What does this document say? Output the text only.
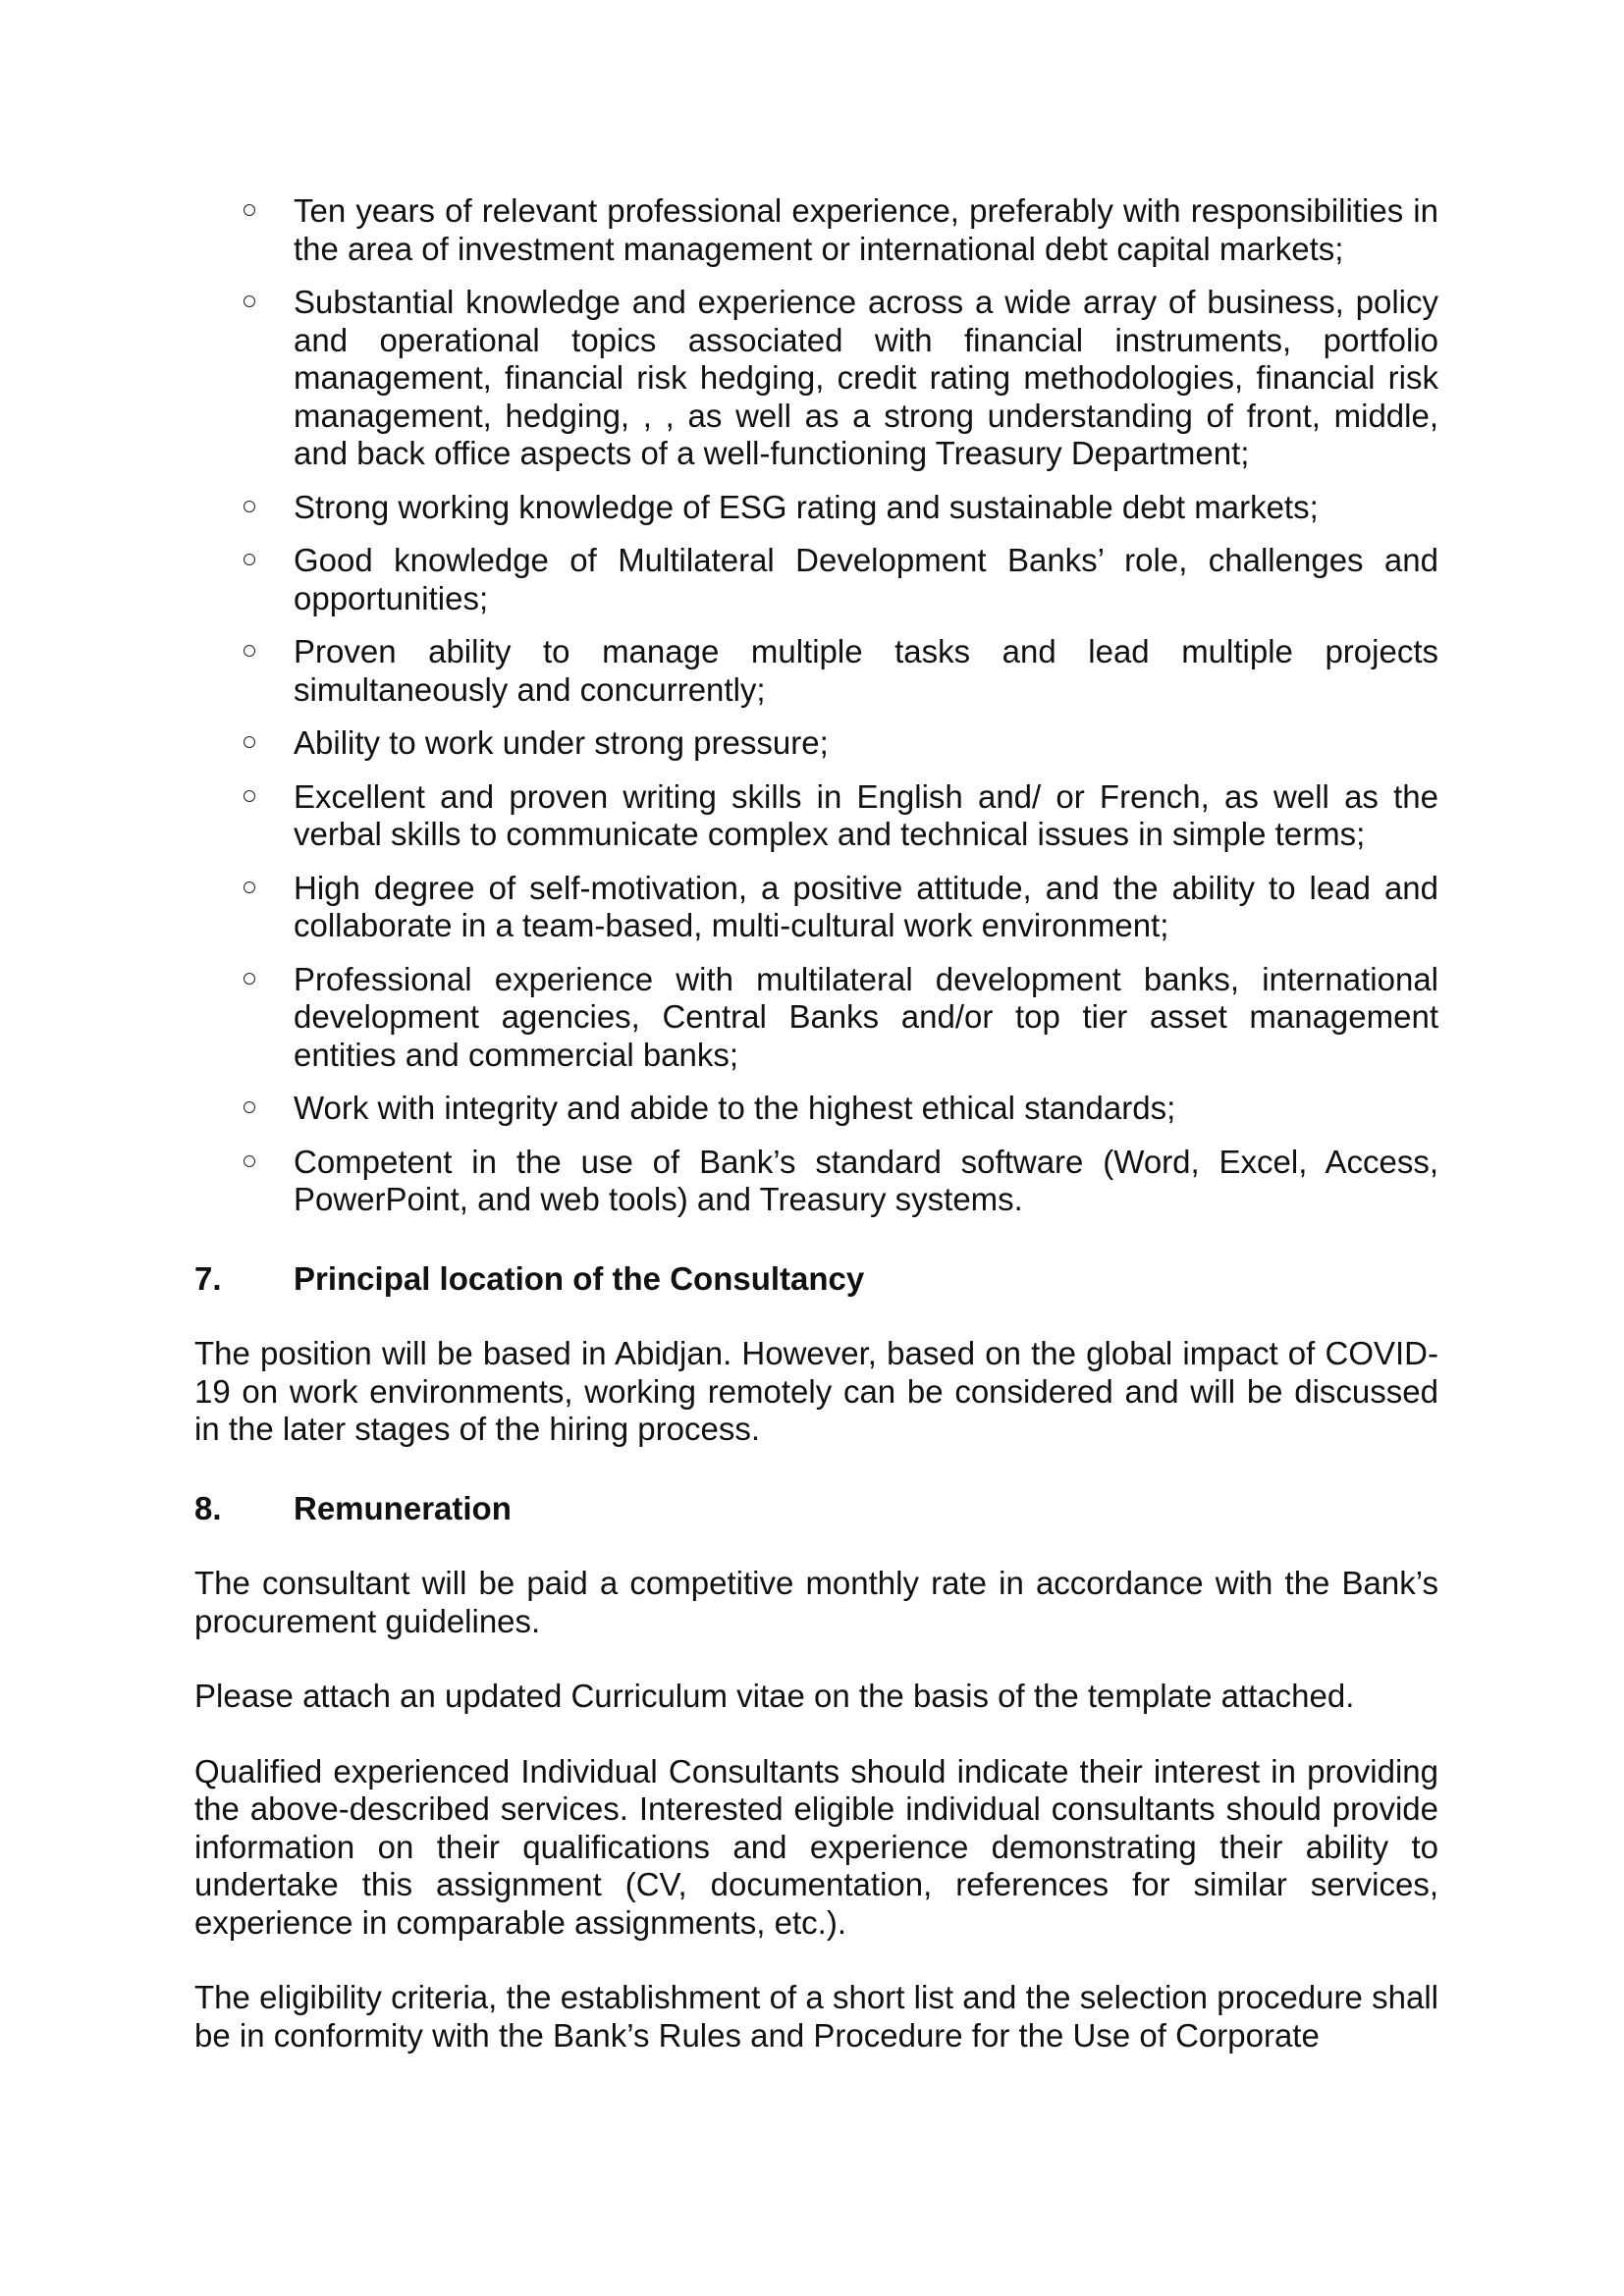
Ten years of relevant professional experience, preferably with responsibilities in the area of investment management or international debt capital markets;
Substantial knowledge and experience across a wide array of business, policy and operational topics associated with financial instruments, portfolio management, financial risk hedging, credit rating methodologies, financial risk management, hedging, , , as well as a strong understanding of front, middle, and back office aspects of a well-functioning Treasury Department;
Strong working knowledge of ESG rating and sustainable debt markets;
Good knowledge of Multilateral Development Banks’ role, challenges and opportunities;
Proven ability to manage multiple tasks and lead multiple projects simultaneously and concurrently;
Ability to work under strong pressure;
Excellent and proven writing skills in English and/ or French, as well as the verbal skills to communicate complex and technical issues in simple terms;
High degree of self-motivation, a positive attitude, and the ability to lead and collaborate in a team-based, multi-cultural work environment;
Professional experience with multilateral development banks, international development agencies, Central Banks and/or top tier asset management entities and commercial banks;
Work with integrity and abide to the highest ethical standards;
Competent in the use of Bank’s standard software (Word, Excel, Access, PowerPoint, and web tools) and Treasury systems.
7.	Principal location of the Consultancy

The position will be based in Abidjan. However, based on the global impact of COVID-19 on work environments, working remotely can be considered and will be discussed in the later stages of the hiring process.

8.	Remuneration

The consultant will be paid a competitive monthly rate in accordance with the Bank’s procurement guidelines.

Please attach an updated Curriculum vitae on the basis of the template attached.

Qualified experienced Individual Consultants should indicate their interest in providing the above-described services. Interested eligible individual consultants should provide information on their qualifications and experience demonstrating their ability to undertake this assignment (CV, documentation, references for similar services, experience in comparable assignments, etc.).

The eligibility criteria, the establishment of a short list and the selection procedure shall be in conformity with the Bank’s Rules and Procedure for the Use of Corporate
